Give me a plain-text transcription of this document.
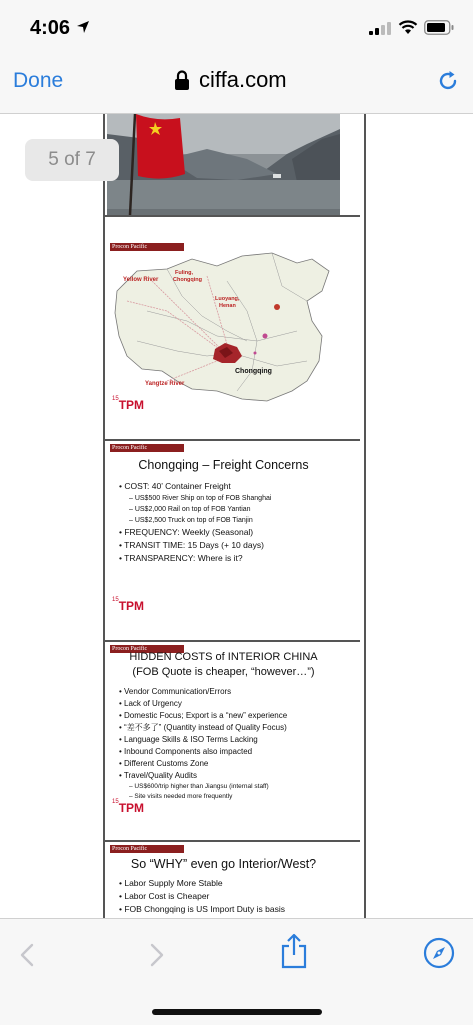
4:06
Done	ciffa.com
5 of 7
Procon Pacific
Yellow River
Fuling,
Chongqing
Luoyang,
Henan
Chongqing
Yangtze River
$^{15}$TPM
Procon Pacific
Chongqing – Freight Concerns
• COST: 40’ Container Freight
– US$500 River Ship on top of FOB Shanghai
– US$2,000 Rail on top of FOB Yantian
– US$2,500 Truck on top of FOB Tianjin
• FREQUENCY: Weekly (Seasonal)
• TRANSIT TIME: 15 Days (+ 10 days)
• TRANSPARENCY: Where is it?
$^{15}$TPM
Procon Pacific
HIDDEN COSTS of INTERIOR CHINA
(FOB Quote is cheaper, “however…”)
• Vendor Communication/Errors
• Lack of Urgency
• Domestic Focus; Export is a “new” experience
• “差不多了” (Quantity instead of Quality Focus)
• Language Skills & ISO Terms Lacking
• Inbound Components also impacted
• Different Customs Zone
• Travel/Quality Audits
– US$600/trip higher than Jiangsu (internal staff)
– Site visits needed more frequently
$^{15}$TPM
Procon Pacific
So “WHY” even go Interior/West?
• Labor Supply More Stable
• Labor Cost is Cheaper
• FOB Chongqing is US Import Duty is basis
